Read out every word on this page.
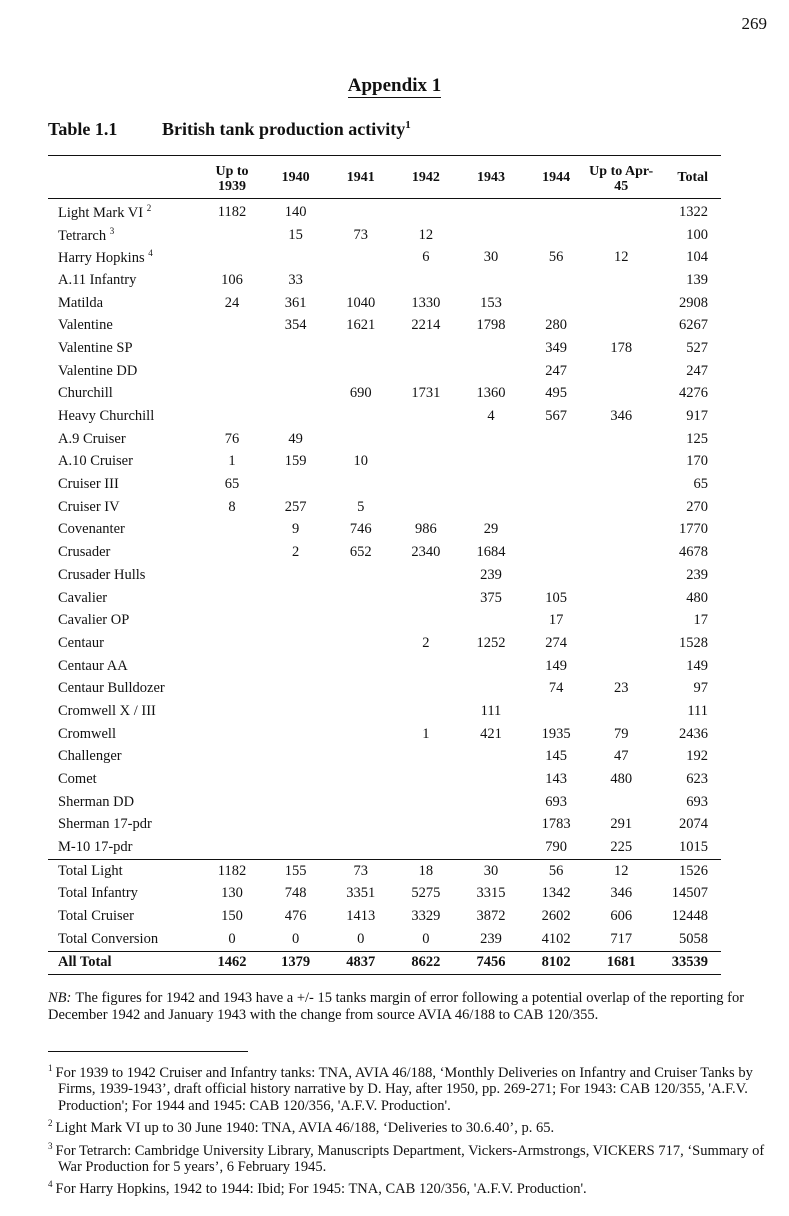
269
Appendix 1
Table 1.1 British tank production activity$^1$
	Up to 1939	1940	1941	1942	1943	1944	Up to Apr-45	Total
Light Mark VI $^2$	1182	140						1322
Tetrarch $^3$		15	73	12				100
Harry Hopkins $^4$				6	30	56	12	104
A.11 Infantry	106	33						139
Matilda	24	361	1040	1330	153			2908
Valentine		354	1621	2214	1798	280		6267
Valentine SP						349	178	527
Valentine DD						247		247
Churchill			690	1731	1360	495		4276
Heavy Churchill					4	567	346	917
A.9 Cruiser	76	49						125
A.10 Cruiser	1	159	10					170
Cruiser III	65							65
Cruiser IV	8	257	5					270
Covenanter		9	746	986	29			1770
Crusader		2	652	2340	1684			4678
Crusader Hulls					239			239
Cavalier					375	105		480
Cavalier OP						17		17
Centaur				2	1252	274		1528
Centaur AA						149		149
Centaur Bulldozer						74	23	97
Cromwell X / III					111			111
Cromwell				1	421	1935	79	2436
Challenger						145	47	192
Comet						143	480	623
Sherman DD						693		693
Sherman 17-pdr						1783	291	2074
M-10 17-pdr						790	225	1015
Total Light	1182	155	73	18	30	56	12	1526
Total Infantry	130	748	3351	5275	3315	1342	346	14507
Total Cruiser	150	476	1413	3329	3872	2602	606	12448
Total Conversion	0	0	0	0	239	4102	717	5058
All Total	1462	1379	4837	8622	7456	8102	1681	33539
NB: The figures for 1942 and 1943 have a +/- 15 tanks margin of error following a potential overlap of the reporting for December 1942 and January 1943 with the change from source AVIA 46/188 to CAB 120/355.

$^1$ For 1939 to 1942 Cruiser and Infantry tanks: TNA, AVIA 46/188, ‘Monthly Deliveries on Infantry and Cruiser Tanks by Firms, 1939-1943’, draft official history narrative by D. Hay, after 1950, pp. 269-271; For 1943: CAB 120/355, 'A.F.V. Production'; For 1944 and 1945: CAB 120/356, 'A.F.V. Production'.

$^2$ Light Mark VI up to 30 June 1940: TNA, AVIA 46/188, ‘Deliveries to 30.6.40’, p. 65.

$^3$ For Tetrarch: Cambridge University Library, Manuscripts Department, Vickers-Armstrongs, VICKERS 717, ‘Summary of War Production for 5 years’, 6 February 1945.

$^4$ For Harry Hopkins, 1942 to 1944: Ibid; For 1945: TNA, CAB 120/356, 'A.F.V. Production'.
